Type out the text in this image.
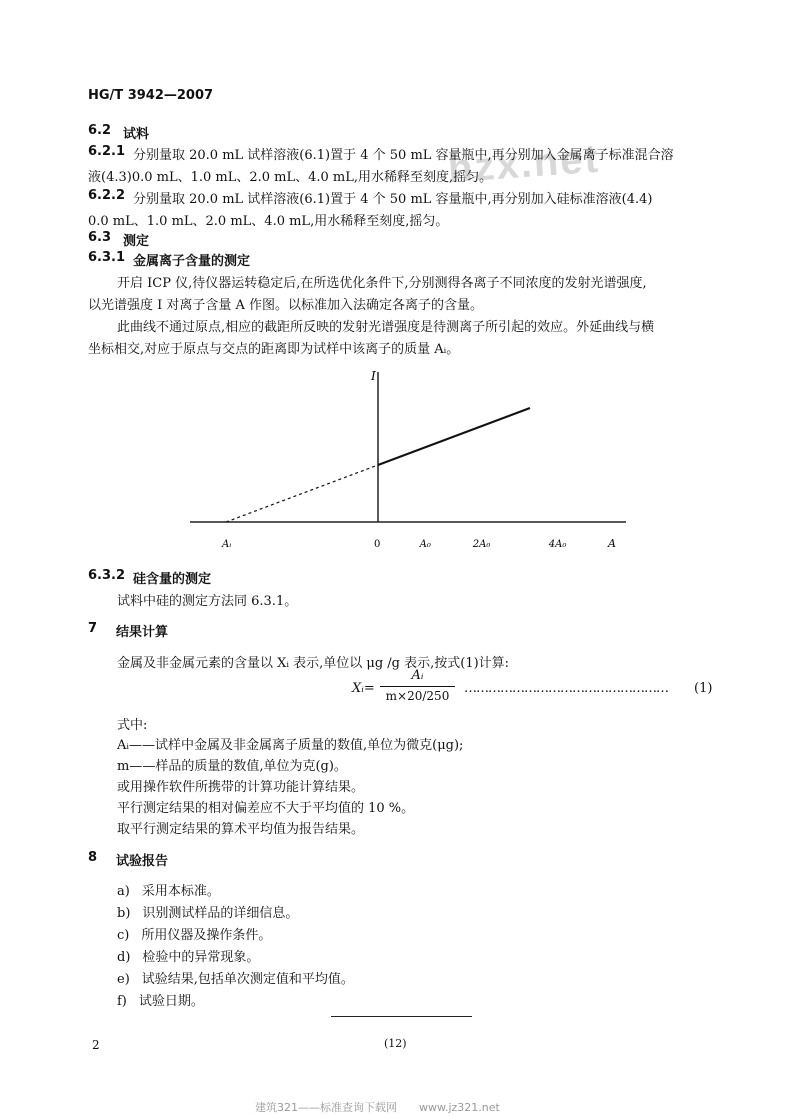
hzx.net
HG/T 3942—2007
6.2 试料
6.2.1 分别量取 20.0 mL 试样溶液(6.1)置于 4 个 50 mL 容量瓶中,再分别加入金属离子标准混合溶
液(4.3)0.0 mL、1.0 mL、2.0 mL、4.0 mL,用水稀释至刻度,摇匀。
6.2.2 分别量取 20.0 mL 试样溶液(6.1)置于 4 个 50 mL 容量瓶中,再分别加入硅标准溶液(4.4)
0.0 mL、1.0 mL、2.0 mL、4.0 mL,用水稀释至刻度,摇匀。
6.3 测定
6.3.1 金属离子含量的测定
开启 ICP 仪,待仪器运转稳定后,在所选优化条件下,分别测得各离子不同浓度的发射光谱强度,
以光谱强度 I 对离子含量 A 作图。以标准加入法确定各离子的含量。
此曲线不通过原点,相应的截距所反映的发射光谱强度是待测离子所引起的效应。外延曲线与横
坐标相交,对应于原点与交点的距离即为试样中该离子的质量 Aᵢ。
I
A
Aᵢ	0	A₀	2A₀	4A₀
6.3.2 硅含量的测定
试料中硅的测定方法同 6.3.1。
7 结果计算
金属及非金属元素的含量以 Xᵢ 表示,单位以 μg /g 表示,按式(1)计算:
Xᵢ=
Aᵢ
m×20/250	…………………………………………… (1)
式中:
Aᵢ——试样中金属及非金属离子质量的数值,单位为微克(μg);
m——样品的质量的数值,单位为克(g)。
或用操作软件所携带的计算功能计算结果。
平行测定结果的相对偏差应不大于平均值的 10 %。
取平行测定结果的算术平均值为报告结果。
8 试验报告
a) 采用本标准。
b) 识别测试样品的详细信息。
c) 所用仪器及操作条件。
d) 检验中的异常现象。
e) 试验结果,包括单次测定值和平均值。
f) 试验日期。
2	(12)
建筑321——标准查询下载网　　www.jz321.net
